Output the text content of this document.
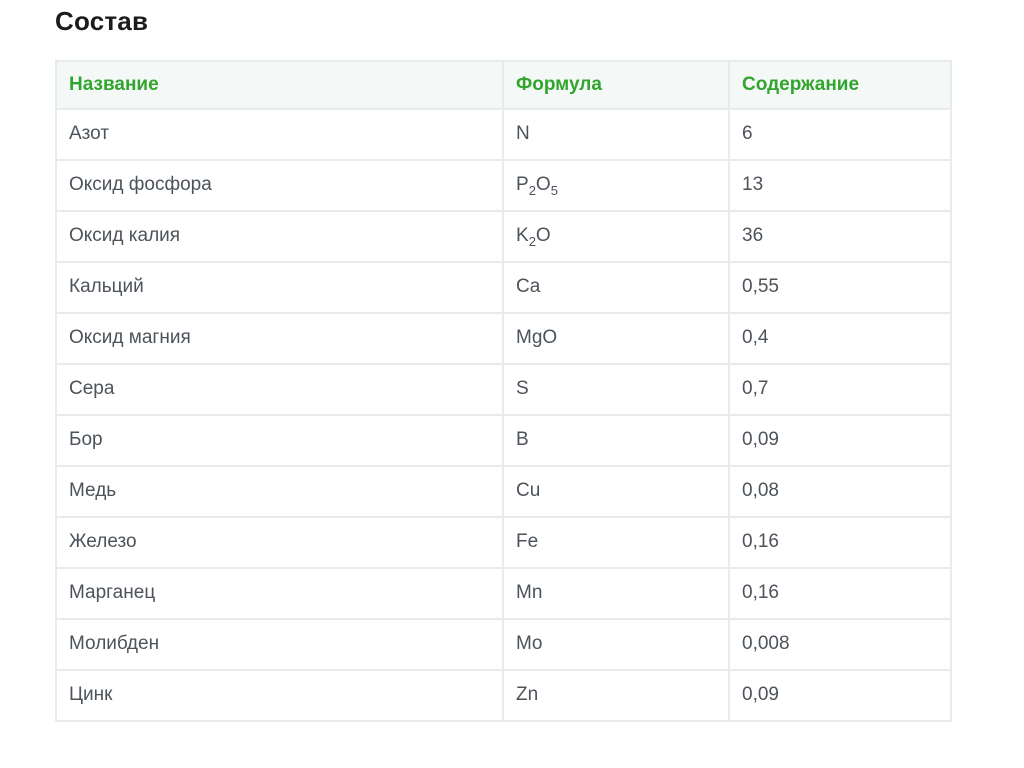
Состав
Название	Формула	Содержание
Азот	N	6
Оксид фосфора	$P_2O_5$	13
Оксид калия	$K_2O$	36
Кальций	Ca	0,55
Оксид магния	MgO	0,4
Сера	S	0,7
Бор	B	0,09
Медь	Cu	0,08
Железо	Fe	0,16
Марганец	Mn	0,16
Молибден	Mo	0,008
Цинк	Zn	0,09
